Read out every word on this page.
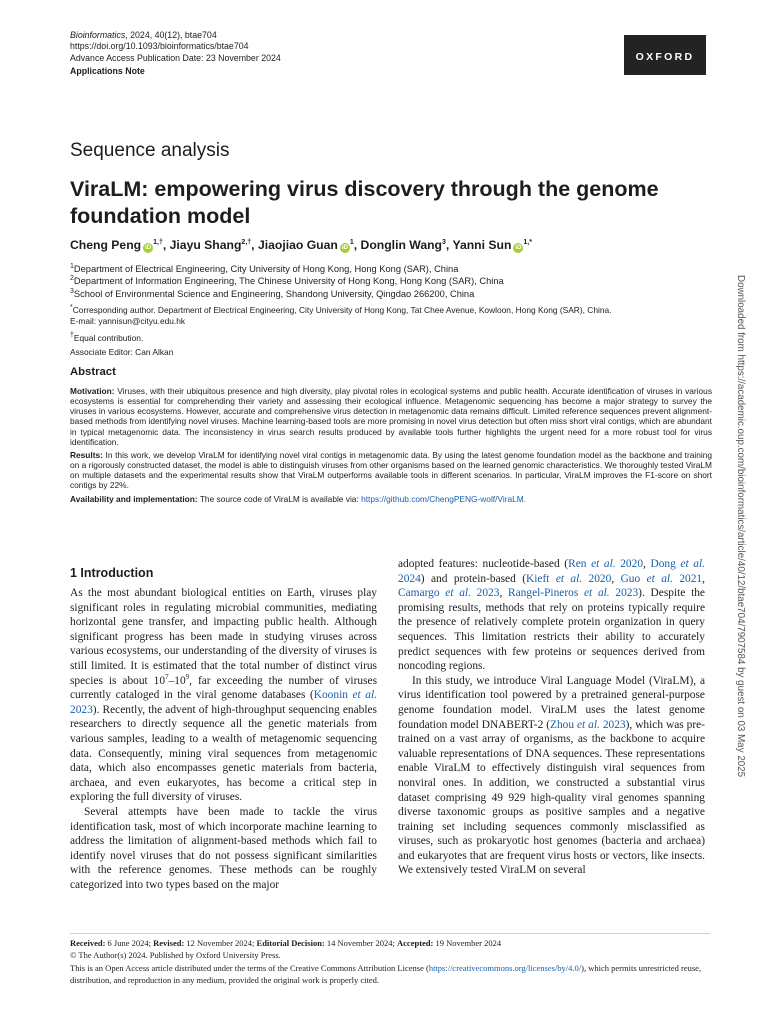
Bioinformatics, 2024, 40(12), btae704
https://doi.org/10.1093/bioinformatics/btae704
Advance Access Publication Date: 23 November 2024
Applications Note
OXFORD
Sequence analysis
ViraLM: empowering virus discovery through the genome foundation model
Cheng Peng $iD^{1,\dagger}$, Jiayu Shang$^{2,\dagger}$, Jiaojiao Guan $iD^1$, Donglin Wang$^3$, Yanni Sun $iD^{1,*}$
$^1$Department of Electrical Engineering, City University of Hong Kong, Hong Kong (SAR), China
$^2$Department of Information Engineering, The Chinese University of Hong Kong, Hong Kong (SAR), China
$^3$School of Environmental Science and Engineering, Shandong University, Qingdao 266200, China
*Corresponding author. Department of Electrical Engineering, City University of Hong Kong, Tat Chee Avenue, Kowloon, Hong Kong (SAR), China.
E-mail: yannisun@cityu.edu.hk
†Equal contribution.
Associate Editor: Can Alkan
Abstract

Motivation: Viruses, with their ubiquitous presence and high diversity, play pivotal roles in ecological systems and public health. Accurate identification of viruses in various ecosystems is essential for comprehending their variety and assessing their ecological influence. Metagenomic sequencing has become a major strategy to survey the viruses in various ecosystems. However, accurate and comprehensive virus detection in metagenomic data remains difficult. Limited reference sequences prevent alignment-based methods from identifying novel viruses. Machine learning-based tools are more promising in novel virus detection but often miss short viral contigs, which are abundant in typical metagenomic data. The inconsistency in virus search results produced by available tools further highlights the urgent need for a more robust tool for virus identification.

Results: In this work, we develop ViraLM for identifying novel viral contigs in metagenomic data. By using the latest genome foundation model as the backbone and training on a rigorously constructed dataset, the model is able to distinguish viruses from other organisms based on the learned genomic characteristics. We thoroughly tested ViraLM on multiple datasets and the experimental results show that ViraLM outperforms available tools in different scenarios. In particular, ViraLM improves the F1-score on short contigs by 22%.

Availability and implementation: The source code of ViraLM is available via: https://github.com/ChengPENG-wolf/ViraLM.

1 Introduction

As the most abundant biological entities on Earth, viruses play significant roles in regulating microbial communities, mediating horizontal gene transfer, and impacting public health. Although significant progress has been made in studying viruses across various ecosystems, our understanding of the diversity of viruses is still limited. It is estimated that the total number of distinct virus species is about $10^7-10^9$, far exceeding the number of viruses currently cataloged in the viral genome databases (Koonin et al. 2023). Recently, the advent of high-throughput sequencing enables researchers to directly sequence all the genetic materials from various samples, leading to a wealth of metagenomic sequencing data. Consequently, mining viral sequences from metagenomic data, which also encompasses genetic materials from bacteria, archaea, and even eukaryotes, has become a critical step in exploring the full diversity of viruses.

Several attempts have been made to tackle the virus identification task, most of which incorporate machine learning to address the limitation of alignment-based methods which fail to identify novel viruses that do not possess significant similarities with the reference genomes. These methods can be roughly categorized into two types based on the major

adopted features: nucleotide-based (Ren et al. 2020, Dong et al. 2024) and protein-based (Kieft et al. 2020, Guo et al. 2021, Camargo et al. 2023, Rangel-Pineros et al. 2023). Despite the promising results, methods that rely on proteins typically require the presence of relatively complete protein organization in query sequences. This limitation restricts their ability to accurately predict sequences with few proteins or sequences derived from noncoding regions.

In this study, we introduce Viral Language Model (ViraLM), a virus identification tool powered by a pretrained general-purpose genome foundation model. ViraLM uses the latest genome foundation model DNABERT-2 (Zhou et al. 2023), which was pre-trained on a vast array of organisms, as the backbone to acquire valuable representations of DNA sequences. These representations enable ViraLM to effectively distinguish viral sequences from nonviral ones. In addition, we constructed a substantial virus dataset comprising 49 929 high-quality viral genomes spanning diverse taxonomic groups as positive samples and a negative training set including sequences commonly misclassified as viruses, such as prokaryotic host genomes (bacteria and archaea) and eukaryotes that are frequent virus hosts or vectors, like insects. We extensively tested ViraLM on several

Received: 6 June 2024; Revised: 12 November 2024; Editorial Decision: 14 November 2024; Accepted: 19 November 2024
© The Author(s) 2024. Published by Oxford University Press.
This is an Open Access article distributed under the terms of the Creative Commons Attribution License (https://creativecommons.org/licenses/by/4.0/), which permits unrestricted reuse, distribution, and reproduction in any medium, provided the original work is properly cited.
Downloaded from https://academic.oup.com/bioinformatics/article/40/12/btae704/7907584 by guest on 03 May 2025
